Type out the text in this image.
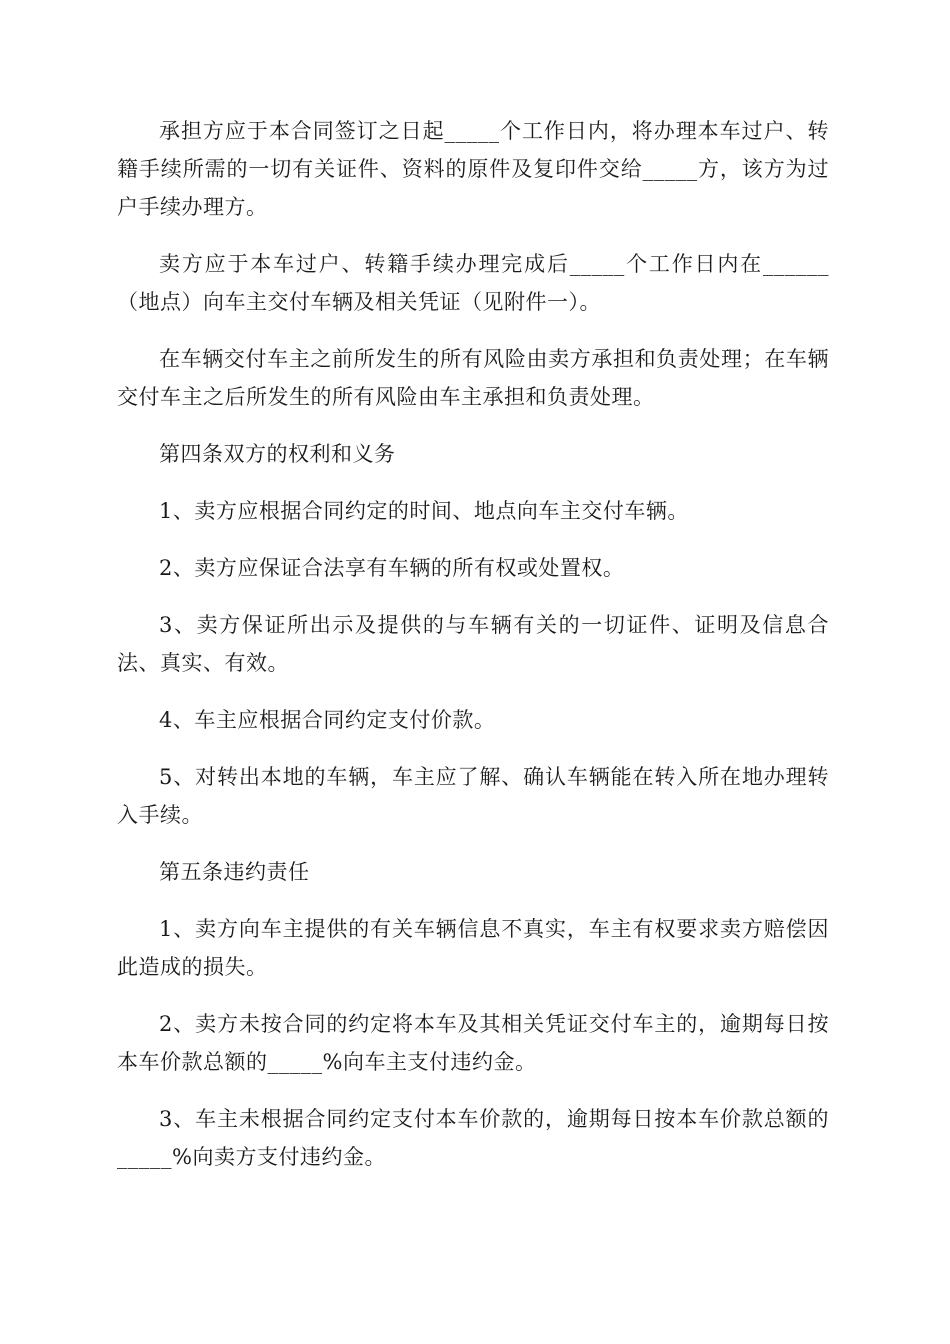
承担方应于本合同签订之日起_____个工作日内，将办理本车过户、转籍手续所需的一切有关证件、资料的原件及复印件交给_____方，该方为过户手续办理方。

卖方应于本车过户、转籍手续办理完成后_____个工作日内在______（地点）向车主交付车辆及相关凭证（见附件一）。

在车辆交付车主之前所发生的所有风险由卖方承担和负责处理；在车辆交付车主之后所发生的所有风险由车主承担和负责处理。

第四条双方的权利和义务

1、卖方应根据合同约定的时间、地点向车主交付车辆。

2、卖方应保证合法享有车辆的所有权或处置权。

3、卖方保证所出示及提供的与车辆有关的一切证件、证明及信息合法、真实、有效。

4、车主应根据合同约定支付价款。

5、对转出本地的车辆，车主应了解、确认车辆能在转入所在地办理转入手续。

第五条违约责任

1、卖方向车主提供的有关车辆信息不真实，车主有权要求卖方赔偿因此造成的损失。

2、卖方未按合同的约定将本车及其相关凭证交付车主的，逾期每日按本车价款总额的_____%向车主支付违约金。

3、车主未根据合同约定支付本车价款的，逾期每日按本车价款总额的_____%向卖方支付违约金。
